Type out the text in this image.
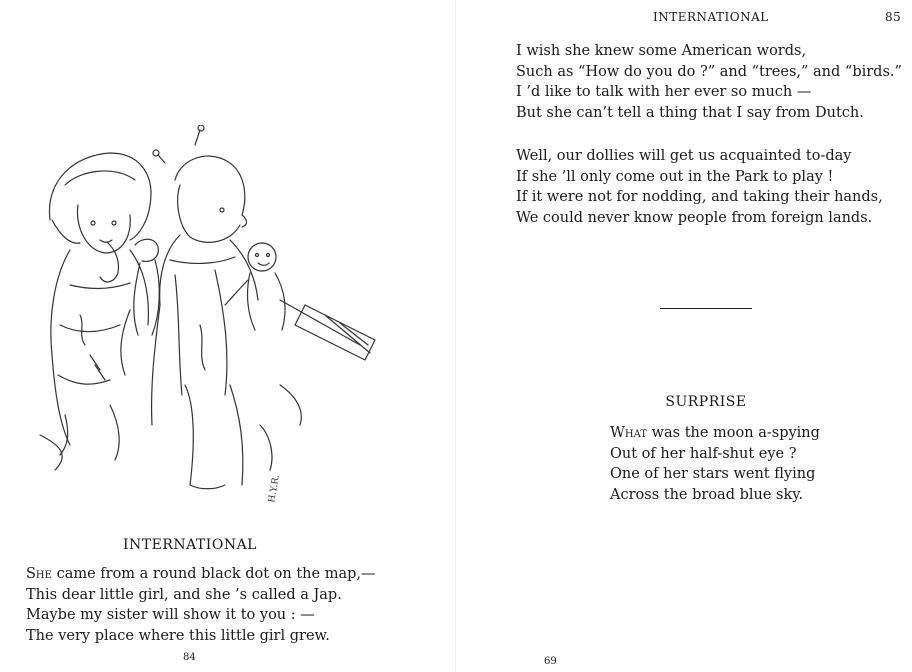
H.Y.R.
INTERNATIONAL
She came from a round black dot on the map,—
This dear little girl, and she ’s called a Jap.
Maybe my sister will show it to you : —
The very place where this little girl grew.
84
INTERNATIONAL	85
I wish she knew some American words,
Such as “How do you do ?” and “trees,” and “birds.”
I ’d like to talk with her ever so much —
But she can’t tell a thing that I say from Dutch.
Well, our dollies will get us acquainted to-day
If she ’ll only come out in the Park to play !
If it were not for nodding, and taking their hands,
We could never know people from foreign lands.
SURPRISE
What was the moon a-spying
Out of her half-shut eye ?
One of her stars went flying
Across the broad blue sky.
69
